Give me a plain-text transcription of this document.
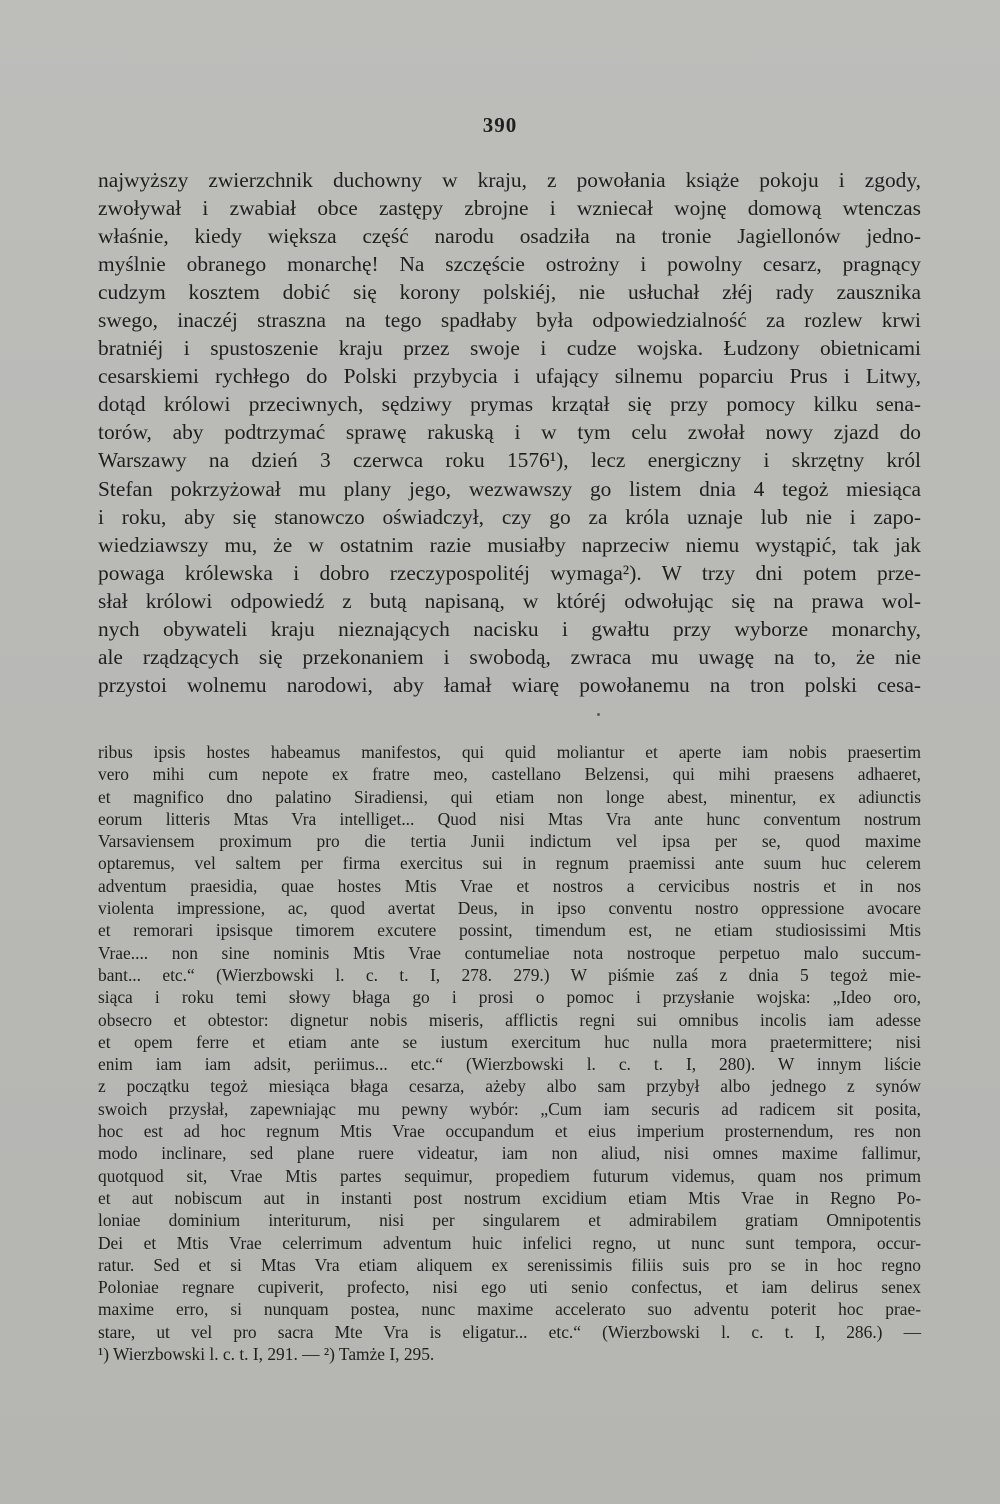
390
najwyższy zwierzchnik duchowny w kraju, z powołania książe pokoju i zgody,
zwoływał i zwabiał obce zastępy zbrojne i wzniecał wojnę domową wtenczas
właśnie, kiedy większa część narodu osadziła na tronie Jagiellonów jedno-
myślnie obranego monarchę! Na szczęście ostrożny i powolny cesarz, pragnący
cudzym kosztem dobić się korony polskiéj, nie usłuchał złéj rady zausznika
swego, inaczéj straszna na tego spadłaby była odpowiedzialność za rozlew krwi
bratniéj i spustoszenie kraju przez swoje i cudze wojska. Łudzony obietnicami
cesarskiemi rychłego do Polski przybycia i ufający silnemu poparciu Prus i Litwy,
dotąd królowi przeciwnych, sędziwy prymas krzątał się przy pomocy kilku sena-
torów, aby podtrzymać sprawę rakuską i w tym celu zwołał nowy zjazd do
Warszawy na dzień 3 czerwca roku 1576¹), lecz energiczny i skrzętny król
Stefan pokrzyżował mu plany jego, wezwawszy go listem dnia 4 tegoż miesiąca
i roku, aby się stanowczo oświadczył, czy go za króla uznaje lub nie i zapo-
wiedziawszy mu, że w ostatnim razie musiałby naprzeciw niemu wystąpić, tak jak
powaga królewska i dobro rzeczypospolitéj wymaga²). W trzy dni potem prze-
słał królowi odpowiedź z butą napisaną, w któréj odwołując się na prawa wol-
nych obywateli kraju nieznających nacisku i gwałtu przy wyborze monarchy,
ale rządzących się przekonaniem i swobodą, zwraca mu uwagę na to, że nie
przystoi wolnemu narodowi, aby łamał wiarę powołanemu na tron polski cesa-
ribus ipsis hostes habeamus manifestos, qui quid moliantur et aperte iam nobis praesertim
vero mihi cum nepote ex fratre meo, castellano Belzensi, qui mihi praesens adhaeret,
et magnifico dno palatino Siradiensi, qui etiam non longe abest, minentur, ex adiunctis
eorum litteris Mtas Vra intelliget... Quod nisi Mtas Vra ante hunc conventum nostrum
Varsaviensem proximum pro die tertia Junii indictum vel ipsa per se, quod maxime
optaremus, vel saltem per firma exercitus sui in regnum praemissi ante suum huc celerem
adventum praesidia, quae hostes Mtis Vrae et nostros a cervicibus nostris et in nos
violenta impressione, ac, quod avertat Deus, in ipso conventu nostro oppressione avocare
et remorari ipsisque timorem excutere possint, timendum est, ne etiam studiosissimi Mtis
Vrae.... non sine nominis Mtis Vrae contumeliae nota nostroque perpetuo malo succum-
bant... etc.“ (Wierzbowski l. c. t. I, 278. 279.) W piśmie zaś z dnia 5 tegoż mie-
siąca i roku temi słowy błaga go i prosi o pomoc i przysłanie wojska: „Ideo oro,
obsecro et obtestor: dignetur nobis miseris, afflictis regni sui omnibus incolis iam adesse
et opem ferre et etiam ante se iustum exercitum huc nulla mora praetermittere; nisi
enim iam iam adsit, periimus... etc.“ (Wierzbowski l. c. t. I, 280). W innym liście
z początku tegoż miesiąca błaga cesarza, ażeby albo sam przybył albo jednego z synów
swoich przysłał, zapewniając mu pewny wybór: „Cum iam securis ad radicem sit posita,
hoc est ad hoc regnum Mtis Vrae occupandum et eius imperium prosternendum, res non
modo inclinare, sed plane ruere videatur, iam non aliud, nisi omnes maxime fallimur,
quotquod sit, Vrae Mtis partes sequimur, propediem futurum videmus, quam nos primum
et aut nobiscum aut in instanti post nostrum excidium etiam Mtis Vrae in Regno Po-
loniae dominium interiturum, nisi per singularem et admirabilem gratiam Omnipotentis
Dei et Mtis Vrae celerrimum adventum huic infelici regno, ut nunc sunt tempora, occur-
ratur. Sed et si Mtas Vra etiam aliquem ex serenissimis filiis suis pro se in hoc regno
Poloniae regnare cupiverit, profecto, nisi ego uti senio confectus, et iam delirus senex
maxime erro, si nunquam postea, nunc maxime accelerato suo adventu poterit hoc prae-
stare, ut vel pro sacra Mte Vra is eligatur... etc.“ (Wierzbowski l. c. t. I, 286.) —
¹) Wierzbowski l. c. t. I, 291. — ²) Tamże I, 295.
